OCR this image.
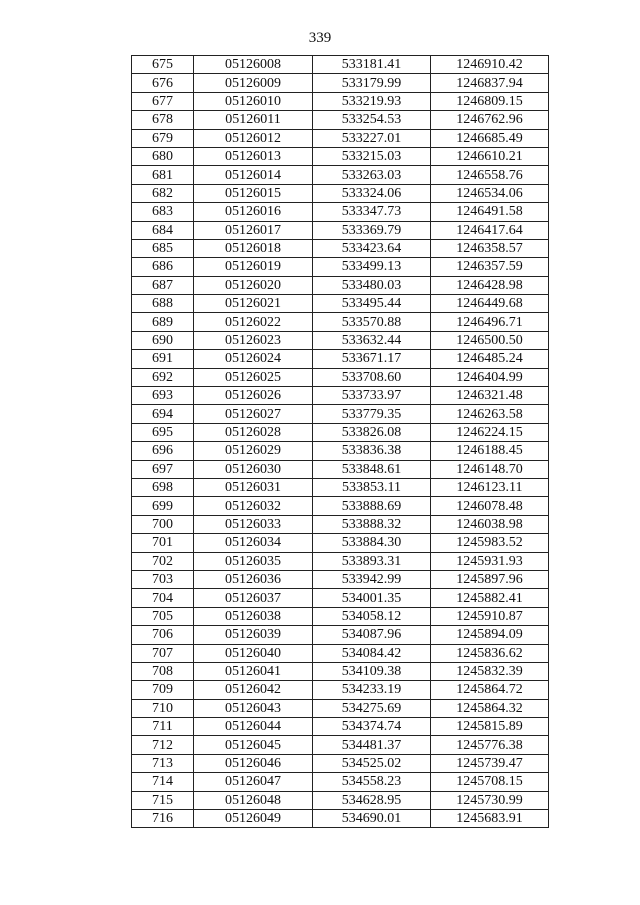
339
675	05126008	533181.41	1246910.42
676	05126009	533179.99	1246837.94
677	05126010	533219.93	1246809.15
678	05126011	533254.53	1246762.96
679	05126012	533227.01	1246685.49
680	05126013	533215.03	1246610.21
681	05126014	533263.03	1246558.76
682	05126015	533324.06	1246534.06
683	05126016	533347.73	1246491.58
684	05126017	533369.79	1246417.64
685	05126018	533423.64	1246358.57
686	05126019	533499.13	1246357.59
687	05126020	533480.03	1246428.98
688	05126021	533495.44	1246449.68
689	05126022	533570.88	1246496.71
690	05126023	533632.44	1246500.50
691	05126024	533671.17	1246485.24
692	05126025	533708.60	1246404.99
693	05126026	533733.97	1246321.48
694	05126027	533779.35	1246263.58
695	05126028	533826.08	1246224.15
696	05126029	533836.38	1246188.45
697	05126030	533848.61	1246148.70
698	05126031	533853.11	1246123.11
699	05126032	533888.69	1246078.48
700	05126033	533888.32	1246038.98
701	05126034	533884.30	1245983.52
702	05126035	533893.31	1245931.93
703	05126036	533942.99	1245897.96
704	05126037	534001.35	1245882.41
705	05126038	534058.12	1245910.87
706	05126039	534087.96	1245894.09
707	05126040	534084.42	1245836.62
708	05126041	534109.38	1245832.39
709	05126042	534233.19	1245864.72
710	05126043	534275.69	1245864.32
711	05126044	534374.74	1245815.89
712	05126045	534481.37	1245776.38
713	05126046	534525.02	1245739.47
714	05126047	534558.23	1245708.15
715	05126048	534628.95	1245730.99
716	05126049	534690.01	1245683.91
